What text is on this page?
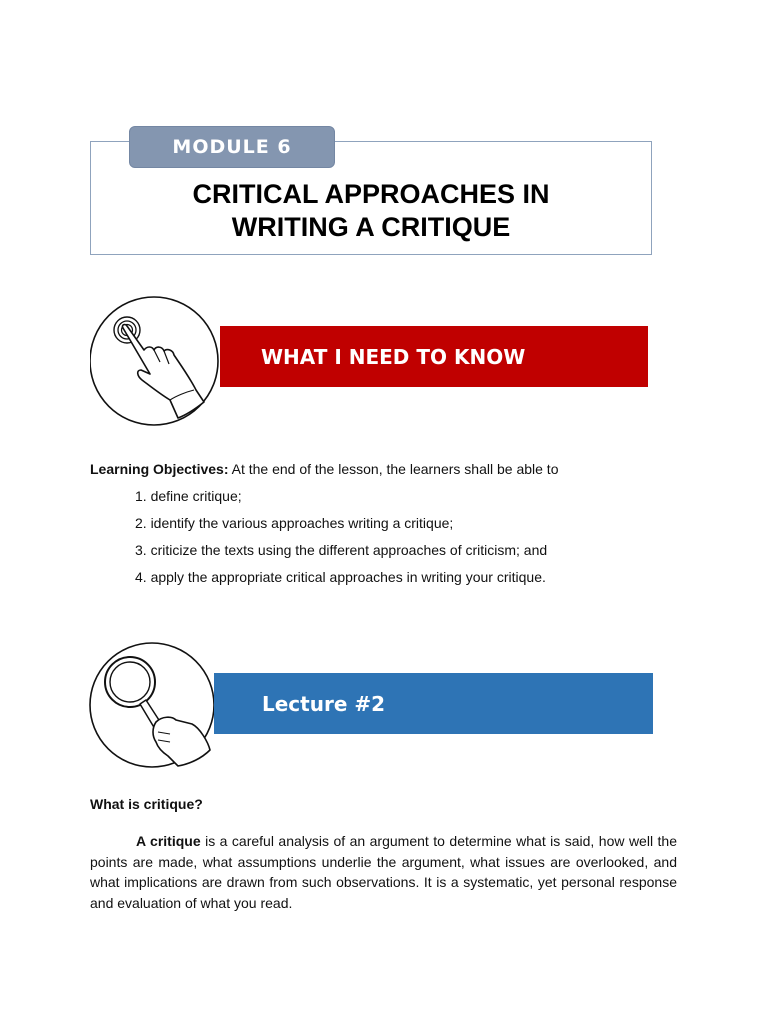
MODULE 6
CRITICAL APPROACHES IN
WRITING A CRITIQUE
WHAT I NEED TO KNOW

Learning Objectives: At the end of the lesson, the learners shall be able to

1. define critique;
2. identify the various approaches writing a critique;
3. criticize the texts using the different approaches of criticism; and
4. apply the appropriate critical approaches in writing your critique.
Lecture #2

What is critique?

A critique is a careful analysis of an argument to determine what is said, how well the points are made, what assumptions underlie the argument, what issues are overlooked, and what implications are drawn from such observations. It is a systematic, yet personal response and evaluation of what you read.
